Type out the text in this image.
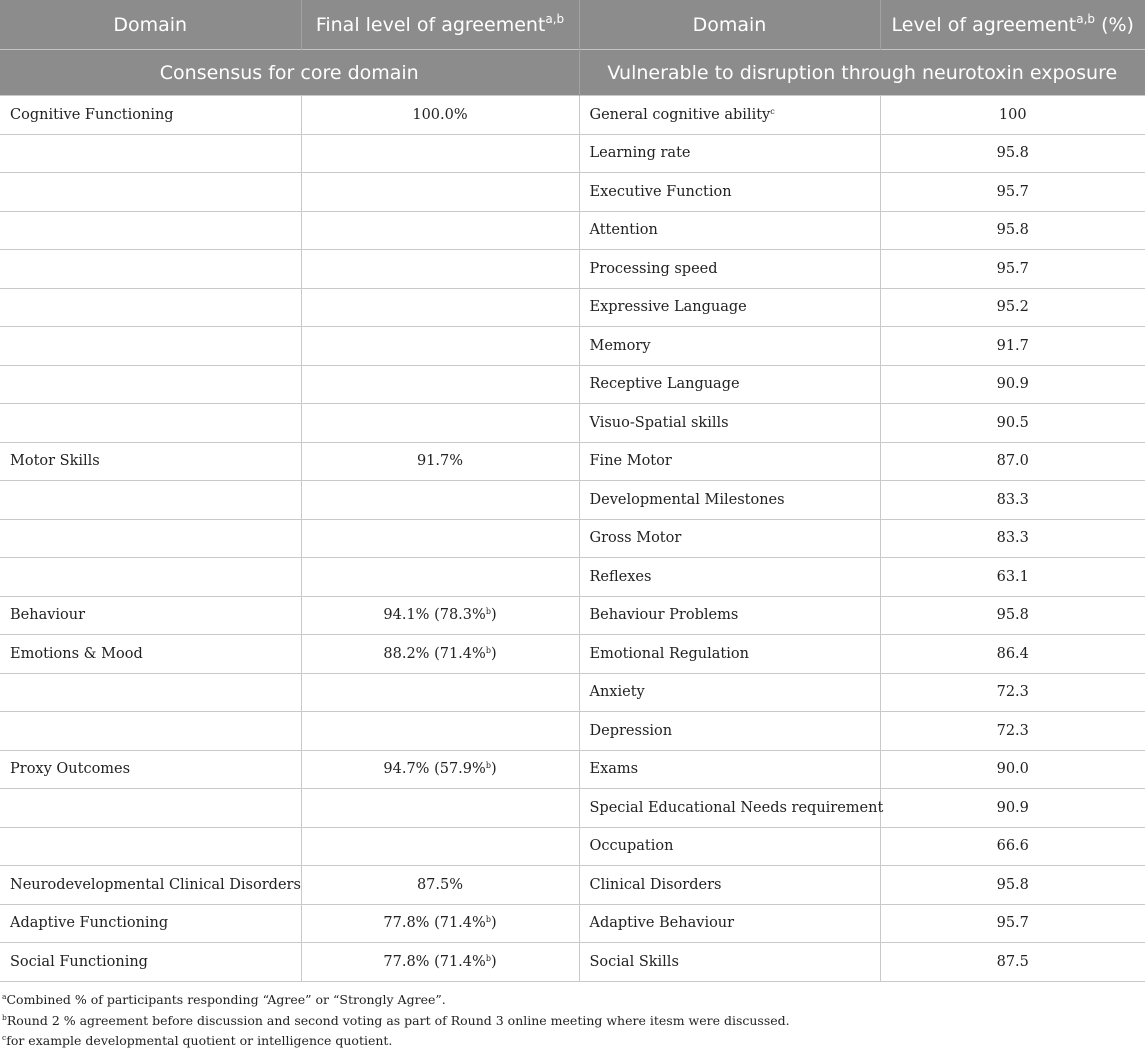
Domain	Final level of agreement$^{a,b}$	Domain	Level of agreement$^{a,b}$ (%)
Consensus for core domain		Vulnerable to disruption through neurotoxin exposure	
Cognitive Functioning	100.0%	General cognitive ability$^c$	100
		Learning rate	95.8
		Executive Function	95.7
		Attention	95.8
		Processing speed	95.7
		Expressive Language	95.2
		Memory	91.7
		Receptive Language	90.9
		Visuo-Spatial skills	90.5
Motor Skills	91.7%	Fine Motor	87.0
		Developmental Milestones	83.3
		Gross Motor	83.3
		Reflexes	63.1
Behaviour	94.1% (78.3%$^b$)	Behaviour Problems	95.8
Emotions & Mood	88.2% (71.4%$^b$)	Emotional Regulation	86.4
		Anxiety	72.3
		Depression	72.3
Proxy Outcomes	94.7% (57.9%$^b$)	Exams	90.0
		Special Educational Needs requirement	90.9
		Occupation	66.6
Neurodevelopmental Clinical Disorders	87.5%	Clinical Disorders	95.8
Adaptive Functioning	77.8% (71.4%$^b$)	Adaptive Behaviour	95.7
Social Functioning	77.8% (71.4%$^b$)	Social Skills	87.5
$^a$Combined % of participants responding “Agree” or “Strongly Agree”.
$^b$Round 2 % agreement before discussion and second voting as part of Round 3 online meeting where itesm were discussed.
$^c$for example developmental quotient or intelligence quotient.
